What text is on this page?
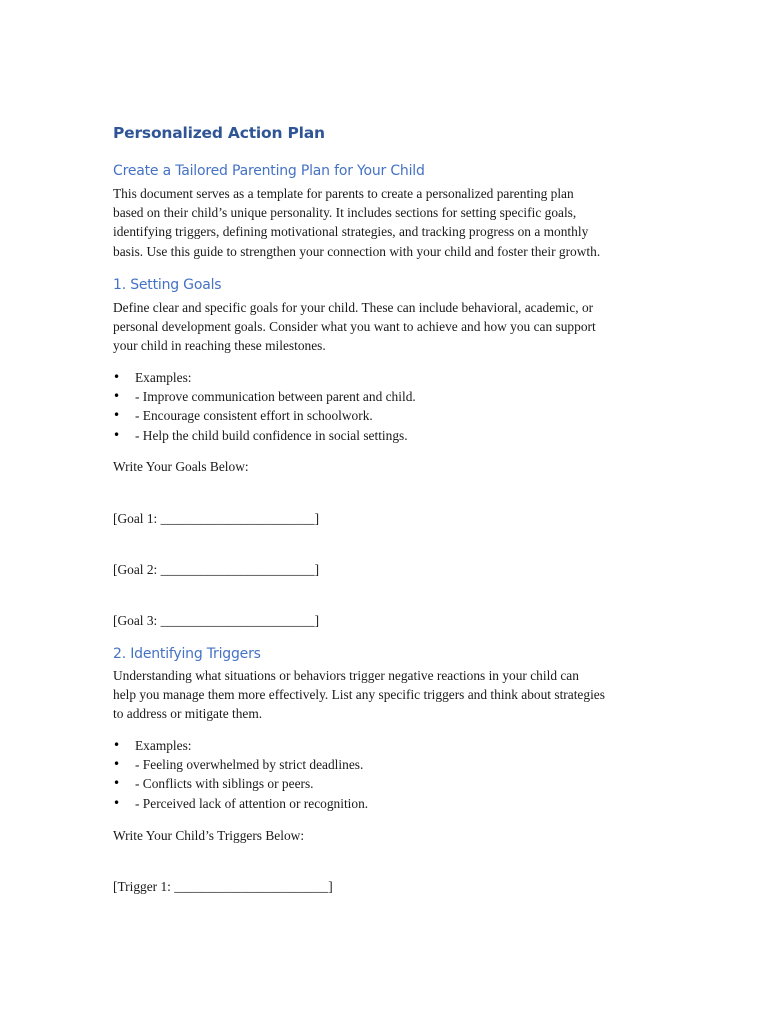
Personalized Action Plan
Create a Tailored Parenting Plan for Your Child

This document serves as a template for parents to create a personalized parenting plan
based on their child’s unique personality. It includes sections for setting specific goals,
identifying triggers, defining motivational strategies, and tracking progress on a monthly
basis. Use this guide to strengthen your connection with your child and foster their growth.

1. Setting Goals

Define clear and specific goals for your child. These can include behavioral, academic, or
personal development goals. Consider what you want to achieve and how you can support
your child in reaching these milestones.

• Examples:
• - Improve communication between parent and child.
• - Encourage consistent effort in schoolwork.
• - Help the child build confidence in social settings.

Write Your Goals Below:

[Goal 1: _______________________]

[Goal 2: _______________________]

[Goal 3: _______________________]

2. Identifying Triggers

Understanding what situations or behaviors trigger negative reactions in your child can
help you manage them more effectively. List any specific triggers and think about strategies
to address or mitigate them.

• Examples:
• - Feeling overwhelmed by strict deadlines.
• - Conflicts with siblings or peers.
• - Perceived lack of attention or recognition.

Write Your Child’s Triggers Below:

[Trigger 1: _______________________]
